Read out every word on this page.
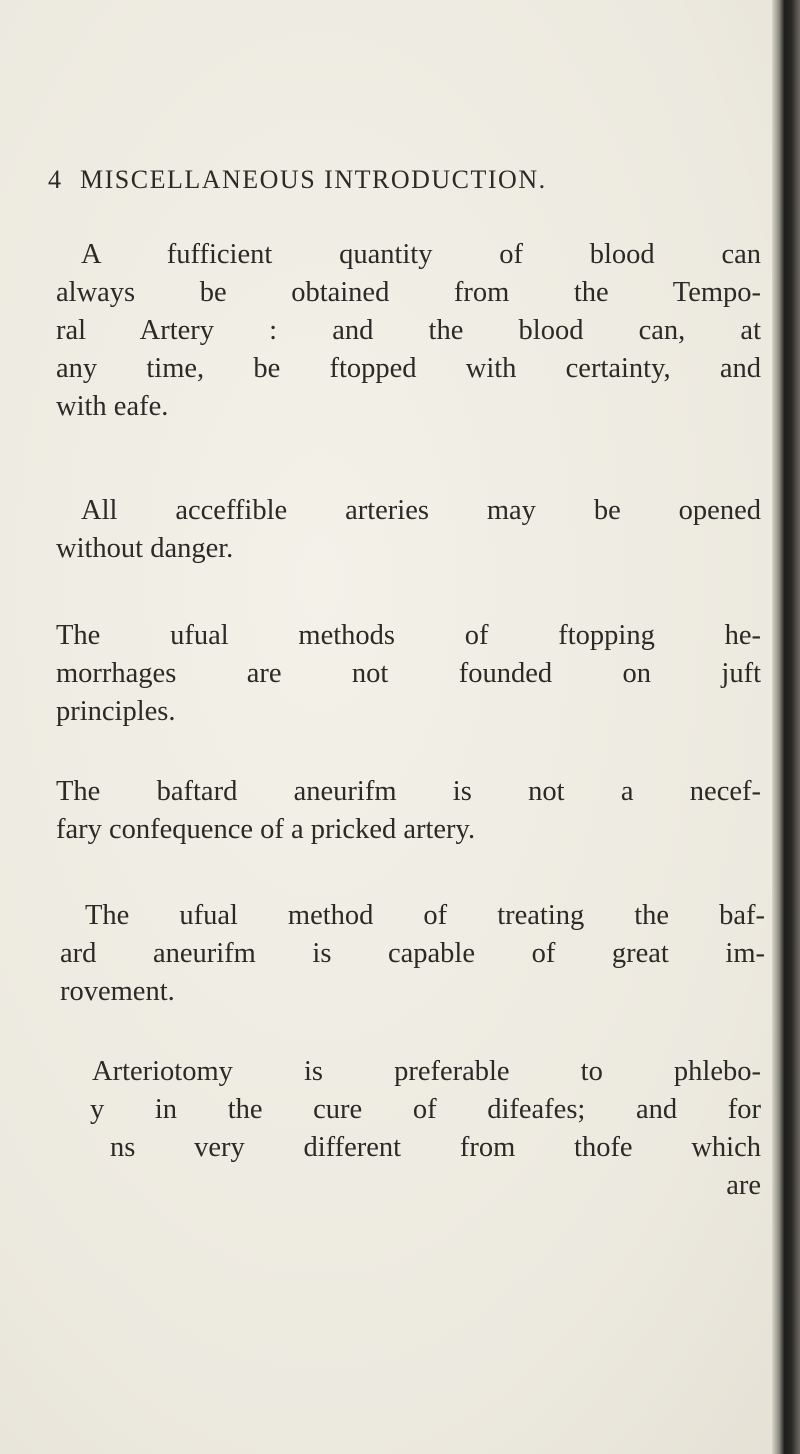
4 MISCELLANEOUS INTRODUCTION.
A fufficient quantity of blood can
always be obtained from the Tempo-
ral Artery : and the blood can, at
any time, be ftopped with certainty, and
with eafe.
All acceffible arteries may be opened
without danger.
The ufual methods of ftopping he-
morrhages are not founded on juft
principles.
The baftard aneurifm is not a necef-
fary confequence of a pricked artery.
The ufual method of treating the baf-
ard aneurifm is capable of great im-
rovement.
Arteriotomy is preferable to phlebo-
y in the cure of difeafes; and for
ns very different from thofe which
are
